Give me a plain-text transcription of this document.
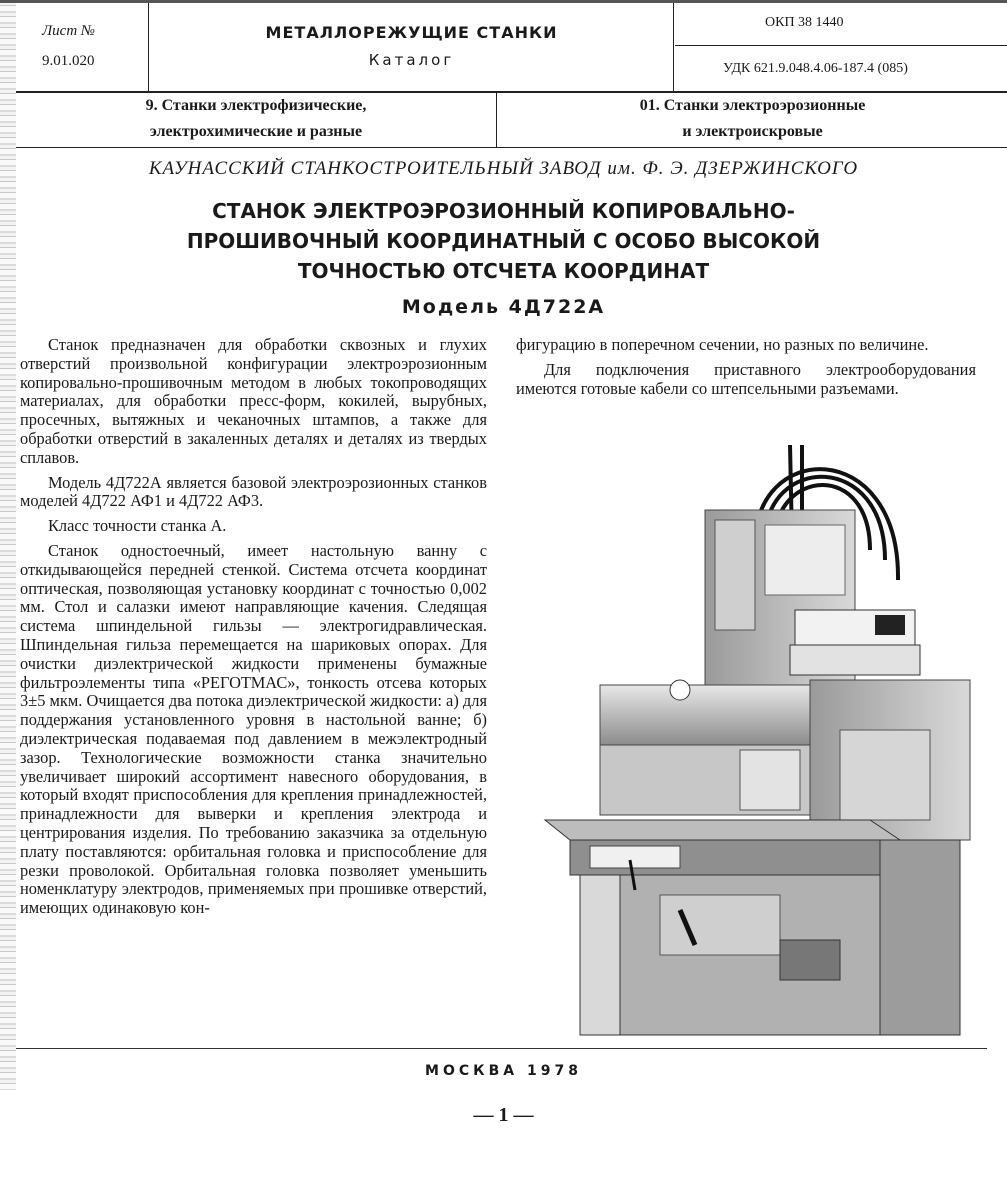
Лист №
9.01.020
МЕТАЛЛОРЕЖУЩИЕ СТАНКИ
Каталог
ОКП 38 1440
УДК 621.9.048.4.06-187.4 (085)
9. Станки электрофизические,
электрохимические и разные
01. Станки электроэрозионные
и электроискровые
КАУНАССКИЙ СТАНКОСТРОИТЕЛЬНЫЙ ЗАВОД им. Ф. Э. ДЗЕРЖИНСКОГО
СТАНОК ЭЛЕКТРОЭРОЗИОННЫЙ КОПИРОВАЛЬНО-
ПРОШИВОЧНЫЙ КООРДИНАТНЫЙ С ОСОБО ВЫСОКОЙ
ТОЧНОСТЬЮ ОТСЧЕТА КООРДИНАТ
Модель 4Д722А

Станок предназначен для обработки сквозных и глухих отверстий произвольной конфигурации электроэрозионным копировально-прошивочным методом в любых токопроводящих материалах, для обработки пресс-форм, кокилей, вырубных, просечных, вытяжных и чеканочных штампов, а также для обработки отверстий в закаленных деталях и деталях из твердых сплавов.

Модель 4Д722А является базовой электроэрозионных станков моделей 4Д722 АФ1 и 4Д722 АФ3.

Класс точности станка А.

Станок одностоечный, имеет настольную ванну с откидывающейся передней стенкой. Система отсчета координат оптическая, позволяющая установку координат с точностью 0,002 мм. Стол и салазки имеют направляющие качения. Следящая система шпиндельной гильзы — электрогидравлическая. Шпиндельная гильза перемещается на шариковых опорах. Для очистки диэлектрической жидкости применены бумажные фильтроэлементы типа «РЕГОТМАС», тонкость отсева которых 3±5 мкм. Очищается два потока диэлектрической жидкости: а) для поддержания установленного уровня в настольной ванне; б) диэлектрическая подаваемая под давлением в межэлектродный зазор. Технологические возможности станка значительно увеличивает широкий ассортимент навесного оборудования, в который входят приспособления для крепления принадлежностей, принадлежности для выверки и крепления электрода и центрирования изделия. По требованию заказчика за отдельную плату поставляются: орбитальная головка и приспособление для резки проволокой. Орбитальная головка позволяет уменьшить номенклатуру электродов, применяемых при прошивке отверстий, имеющих одинаковую кон-

фигурацию в поперечном сечении, но разных по величине.

Для подключения приставного электрооборудования имеются готовые кабели со штепсельными разъемами.

МОСКВА 1978
— 1 —
